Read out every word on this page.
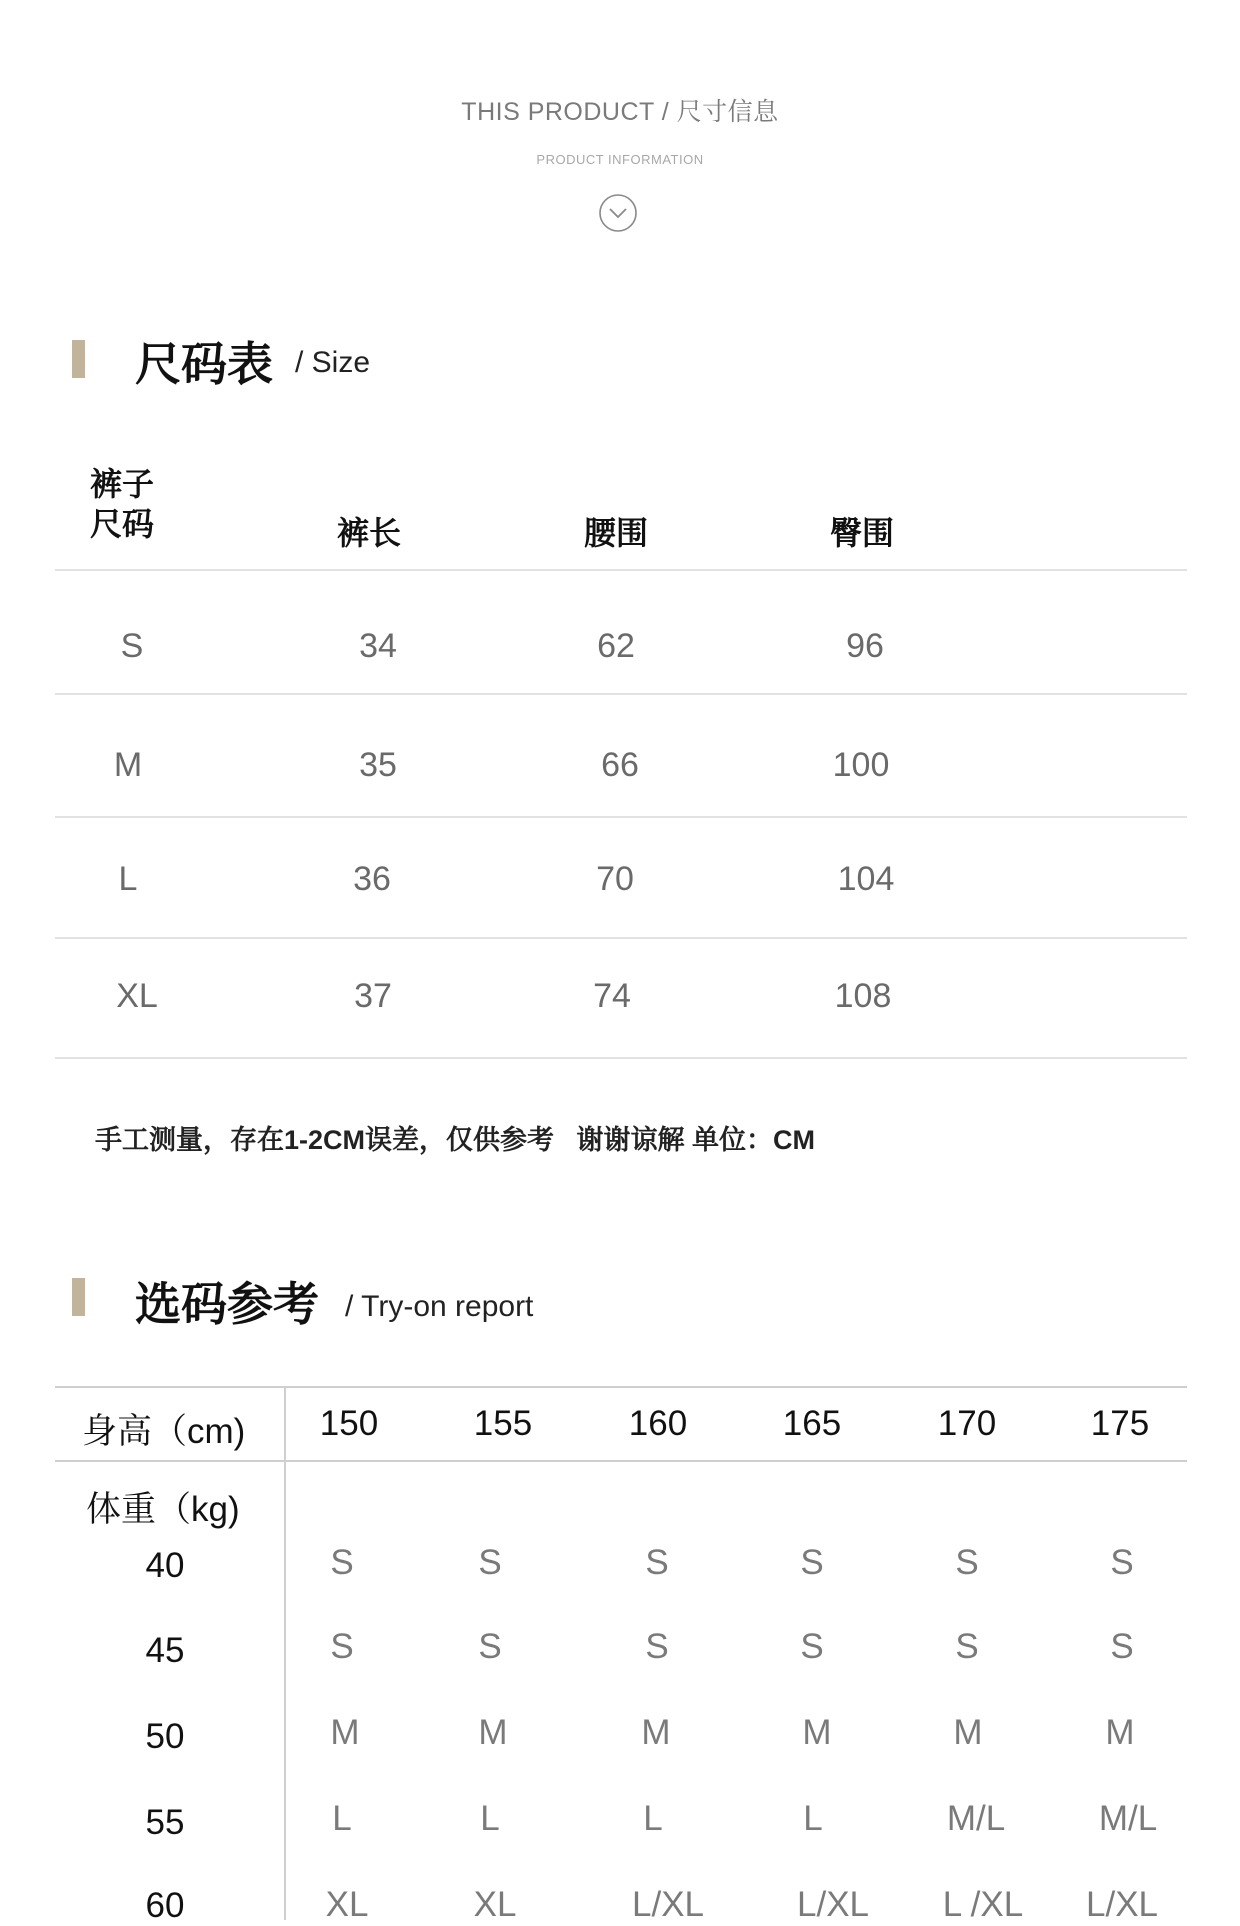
THIS PRODUCT / 尺寸信息
PRODUCT INFORMATION
尺码表 / Size
裤子
尺码	裤长	腰围	臀围
S	34	62	96
M	35	66	100
L	36	70	104
XL	37	74	108
手工测量，存在1-2CM误差，仅供参考   谢谢谅解 单位：CM
选码参考 / Try-on report
身高（cm)	150	155	160	165	170	175
体重（kg)
40	S	S	S	S	S	S
45	S	S	S	S	S	S
50	M	M	M	M	M	M
55	L	L	L	L	M/L	M/L
60	XL	XL	L/XL	L/XL	L /XL	L/XL
